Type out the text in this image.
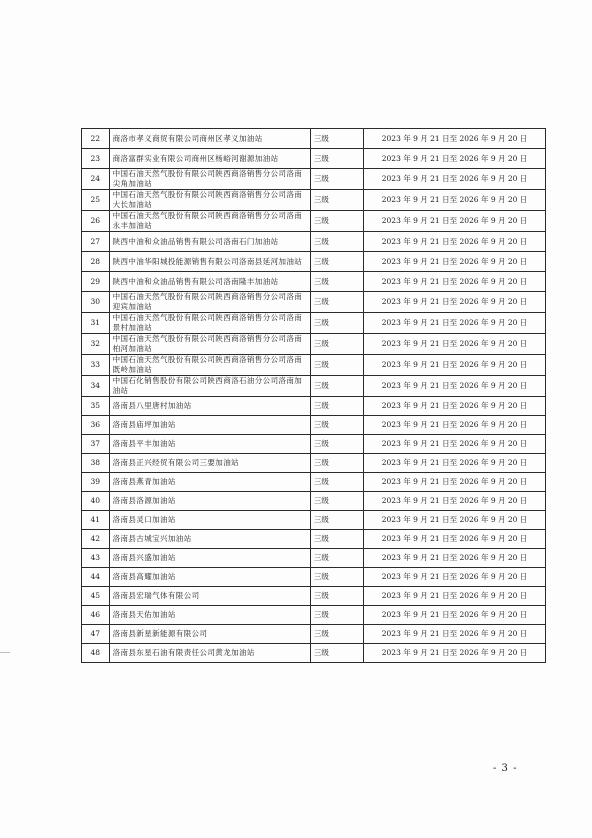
22	商洛市孝义商贸有限公司商州区孝义加油站	三级	2023 年 9 月 21 日至 2026 年 9 月 20 日
23	商洛富群实业有限公司商州区杨峪河谢源加油站	三级	2023 年 9 月 21 日至 2026 年 9 月 20 日
24	中国石油天然气股份有限公司陕西商洛销售分公司洛南尖角加油站	三级	2023 年 9 月 21 日至 2026 年 9 月 20 日
25	中国石油天然气股份有限公司陕西商洛销售分公司洛南大长加油站	三级	2023 年 9 月 21 日至 2026 年 9 月 20 日
26	中国石油天然气股份有限公司陕西商洛销售分公司洛南永丰加油站	三级	2023 年 9 月 21 日至 2026 年 9 月 20 日
27	陕西中油和众油品销售有限公司洛南石门加油站	三级	2023 年 9 月 21 日至 2026 年 9 月 20 日
28	陕西中油华阳城投能源销售有限公司洛南县延河加油站	三级	2023 年 9 月 21 日至 2026 年 9 月 20 日
29	陕西中油和众油品销售有限公司洛南隆丰加油站	三级	2023 年 9 月 21 日至 2026 年 9 月 20 日
30	中国石油天然气股份有限公司陕西商洛销售分公司洛南迎宾加油站	三级	2023 年 9 月 21 日至 2026 年 9 月 20 日
31	中国石油天然气股份有限公司陕西商洛销售分公司洛南景村加油站	三级	2023 年 9 月 21 日至 2026 年 9 月 20 日
32	中国石油天然气股份有限公司陕西商洛销售分公司洛南柏河加油站	三级	2023 年 9 月 21 日至 2026 年 9 月 20 日
33	中国石油天然气股份有限公司陕西商洛销售分公司洛南既岭加油站	三级	2023 年 9 月 21 日至 2026 年 9 月 20 日
34	中国石化销售股份有限公司陕西商洛石油分公司洛南加油站	三级	2023 年 9 月 21 日至 2026 年 9 月 20 日
35	洛南县八里唐村加油站	三级	2023 年 9 月 21 日至 2026 年 9 月 20 日
36	洛南县庙坪加油站	三级	2023 年 9 月 21 日至 2026 年 9 月 20 日
37	洛南县平丰加油站	三级	2023 年 9 月 21 日至 2026 年 9 月 20 日
38	洛南县正兴经贸有限公司三要加油站	三级	2023 年 9 月 21 日至 2026 年 9 月 20 日
39	洛南县燕青加油站	三级	2023 年 9 月 21 日至 2026 年 9 月 20 日
40	洛南县洛源加油站	三级	2023 年 9 月 21 日至 2026 年 9 月 20 日
41	洛南县灵口加油站	三级	2023 年 9 月 21 日至 2026 年 9 月 20 日
42	洛南县古城宝兴加油站	三级	2023 年 9 月 21 日至 2026 年 9 月 20 日
43	洛南县兴盛加油站	三级	2023 年 9 月 21 日至 2026 年 9 月 20 日
44	洛南县高耀加油站	三级	2023 年 9 月 21 日至 2026 年 9 月 20 日
45	洛南县宏瑞气体有限公司	三级	2023 年 9 月 21 日至 2026 年 9 月 20 日
46	洛南县天佑加油站	三级	2023 年 9 月 21 日至 2026 年 9 月 20 日
47	洛南县新星新能源有限公司	三级	2023 年 9 月 21 日至 2026 年 9 月 20 日
48	洛南县东星石油有限责任公司黄龙加油站	三级	2023 年 9 月 21 日至 2026 年 9 月 20 日
- 3 -
